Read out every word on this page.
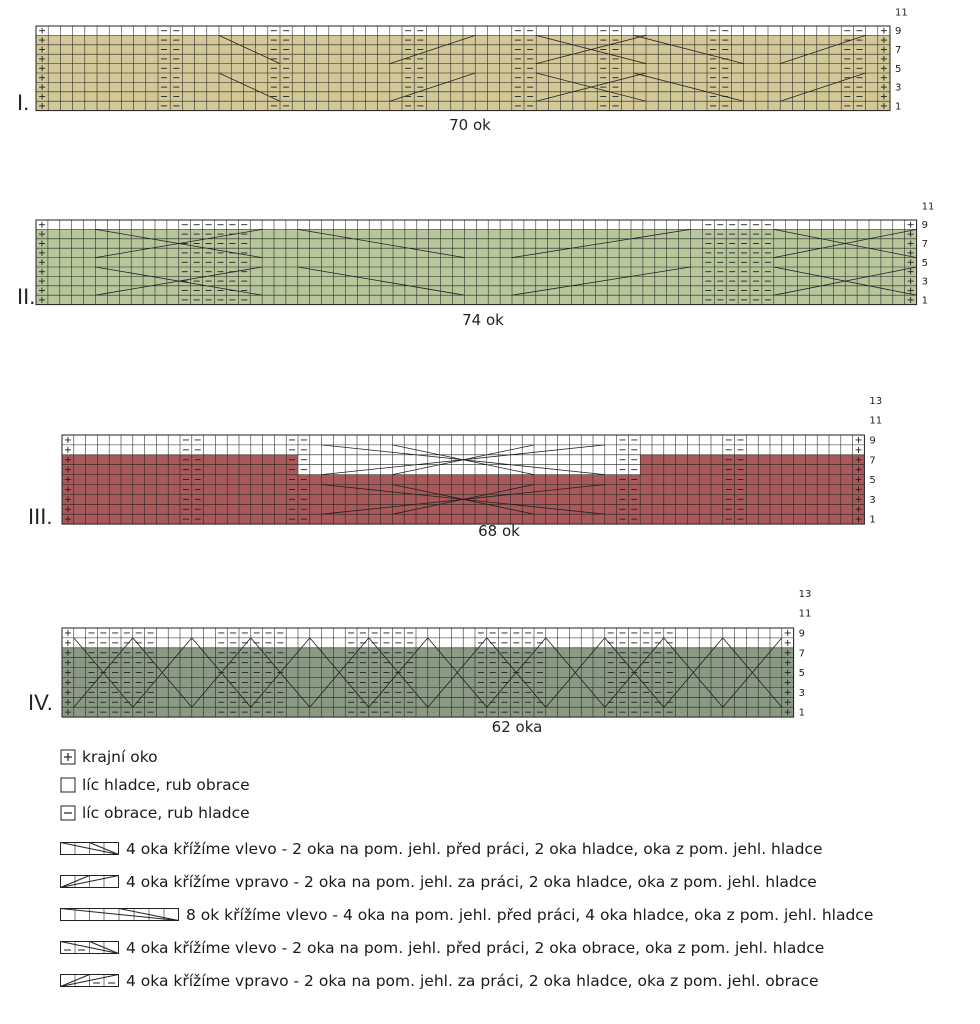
11
9
7
5
3
1
I.
70 ok
11
9
7
5
3
1
II.
74 ok
13
11
9
7
5
3
1
III.
68 ok
13
11
9
7
5
3
1
IV.
62 oka
krajní oko
líc hladce, rub obrace
líc obrace, rub hladce
4 oka křížíme vlevo - 2 oka na pom. jehl. před práci, 2 oka hladce, oka z pom. jehl. hladce
4 oka křížíme vpravo - 2 oka na pom. jehl. za práci, 2 oka hladce, oka z pom. jehl. hladce
8 ok křížíme vlevo - 4 oka na pom. jehl. před práci, 4 oka hladce, oka z pom. jehl. hladce
4 oka křížíme vlevo - 2 oka na pom. jehl. před práci, 2 oka obrace, oka z pom. jehl. hladce
4 oka křížíme vpravo - 2 oka na pom. jehl. za práci, 2 oka hladce, oka z pom. jehl. obrace
